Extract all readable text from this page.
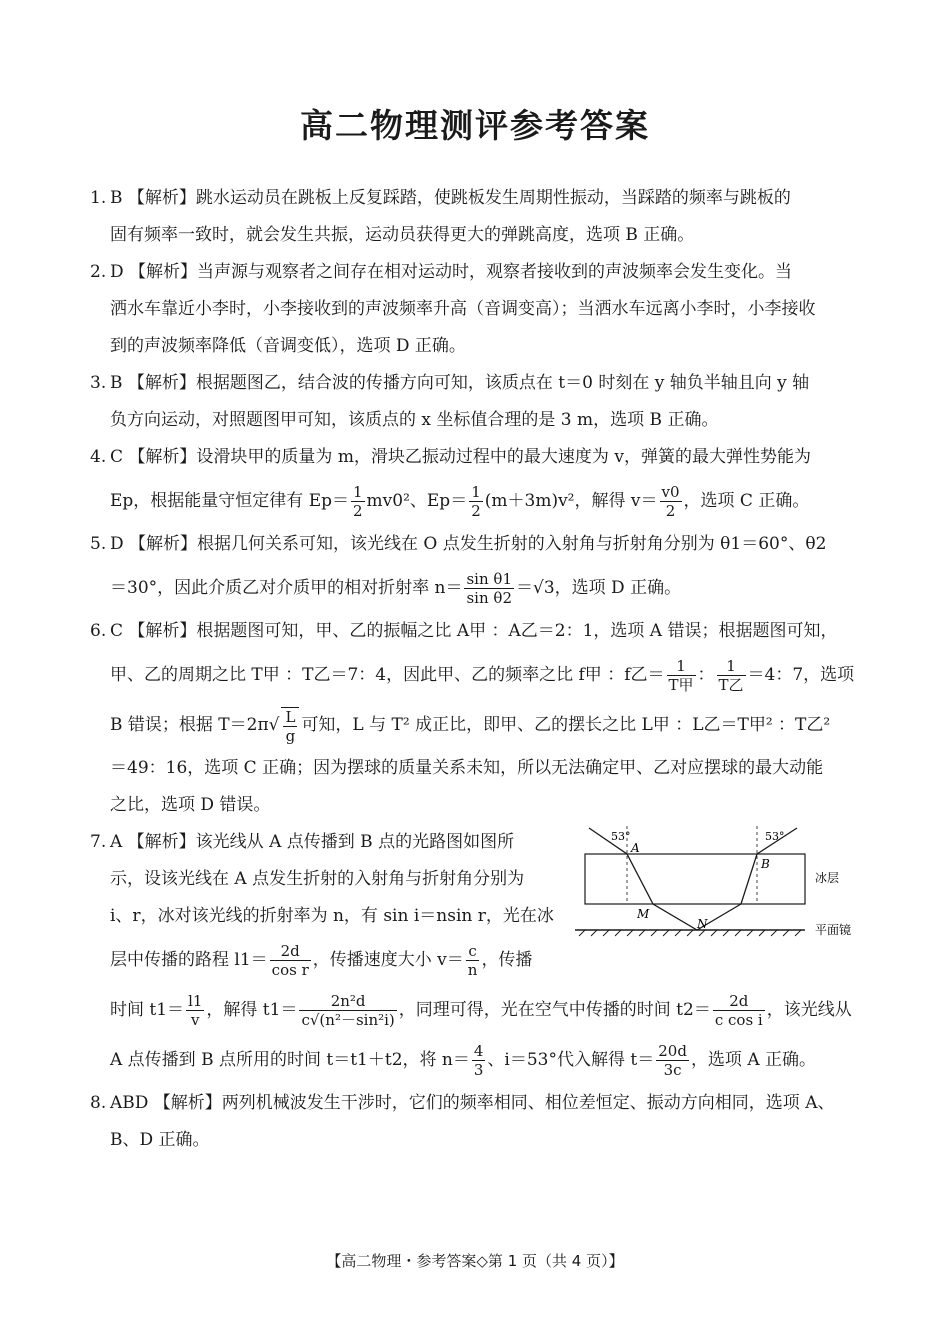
高二物理测评参考答案
1. B 【解析】跳水运动员在跳板上反复踩踏，使跳板发生周期性振动，当踩踏的频率与跳板的

固有频率一致时，就会发生共振，运动员获得更大的弹跳高度，选项 B 正确。

2. D 【解析】当声源与观察者之间存在相对运动时，观察者接收到的声波频率会发生变化。当

洒水车靠近小李时，小李接收到的声波频率升高（音调变高）；当洒水车远离小李时，小李接收

到的声波频率降低（音调变低），选项 D 正确。

3. B 【解析】根据题图乙，结合波的传播方向可知，该质点在 t＝0 时刻在 y 轴负半轴且向 y 轴

负方向运动，对照题图甲可知，该质点的 x 坐标值合理的是 3 m，选项 B 正确。

4. C 【解析】设滑块甲的质量为 m，滑块乙振动过程中的最大速度为 v，弹簧的最大弹性势能为

Ep，根据能量守恒定律有 $Ep= \frac{1}{2} mv0^2$、$Ep= \frac{1}{2} (m+3m)v^2$，解得 $v= \frac{v0}{2}$ ，选项 C 正确。

5. D 【解析】根据几何关系可知，该光线在 O 点发生折射的入射角与折射角分别为 θ1＝60°、θ2

＝30°，因此介质乙对介质甲的相对折射率 $n= \frac{\text{sin θ1}}{\text{sin θ2}} =√3$，选项 D 正确。

6. C 【解析】根据题图可知，甲、乙的振幅之比 A甲 ：A乙＝2：1，选项 A 错误；根据题图可知，

甲、乙的周期之比 T甲 ：T乙＝7：4，因此甲、乙的频率之比 f甲 ：f乙＝ $\frac{1}{\text{T甲}}$ ： $\frac{1}{\text{T乙}} =4$：7，选项

B 错误；根据 $T=2\pi√ \frac{L}{g}$ 可知，L 与 T² 成正比，即甲、乙的摆长之比 L甲 ：L乙＝T甲² ：T乙²

＝49：16，选项 C 正确；因为摆球的质量关系未知，所以无法确定甲、乙对应摆球的最大动能

之比，选项 D 错误。

7.	53°	53°
A
B
M
N
冰层
平面镜

A 【解析】该光线从 A 点传播到 B 点的光路图如图所

示，设该光线在 A 点发生折射的入射角与折射角分别为

i、r，冰对该光线的折射率为 n，有 sin i＝nsin r，光在冰

层中传播的路程 $l1= \frac{2d}{\text{cos r}}$ ，传播速度大小 $v= \frac{c}{n}$ ，传播

时间 $t1= \frac{l1}{v}$ ，解得 $t1= \frac{\text{2n²d}}{\text{c√(n²－sin²i)}}$ ，同理可得，光在空气中传播的时间 $t2= \frac{2d}{\text{c cos i}}$ ，该光线从

A 点传播到 B 点所用的时间 t＝t1＋t2，将 $n= \frac{4}{3}$ 、i＝53°代入解得 $t= \frac{20d}{3c}$ ，选项 A 正确。

8. ABD 【解析】两列机械波发生干涉时，它们的频率相同、相位差恒定、振动方向相同，选项 A、

B、D 正确。

【高二物理・参考答案◇第 1 页（共 4 页）】
